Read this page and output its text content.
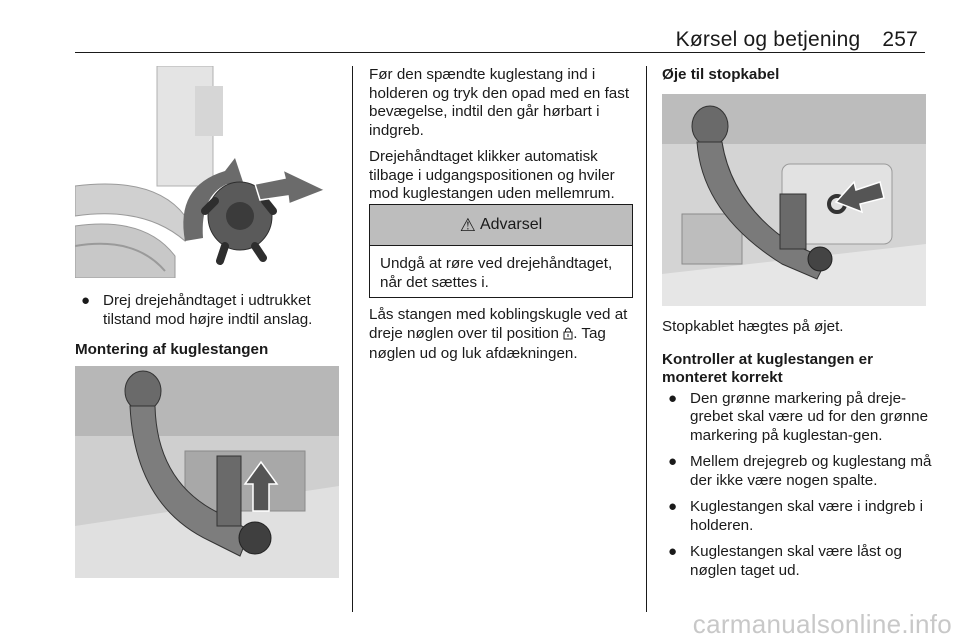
Kørsel og betjening 257
● Drej drejehåndtaget i udtrukket tilstand mod højre indtil anslag.

Montering af kuglestangen

Før den spændte kuglestang ind i holderen og tryk den opad med en fast bevægelse, indtil den går hørbart i indgreb.

Drejehåndtaget klikker automatisk tilbage i udgangspositionen og hviler mod kuglestangen uden mellemrum.

⚠ Advarsel
Undgå at røre ved drejehåndtaget, når det sættes i.

Lås stangen med koblingskugle ved at dreje nøglen over til position . Tag nøglen ud og luk afdækningen.

Øje til stopkabel

Stopkablet hægtes på øjet.

Kontroller at kuglestangen er monteret korrekt

● Den grønne markering på dreje-grebet skal være ud for den grønne markering på kuglestan-gen.
● Mellem drejegreb og kuglestang må der ikke være nogen spalte.
● Kuglestangen skal være i indgreb i holderen.
● Kuglestangen skal være låst og nøglen taget ud.
carmanualsonline.info
